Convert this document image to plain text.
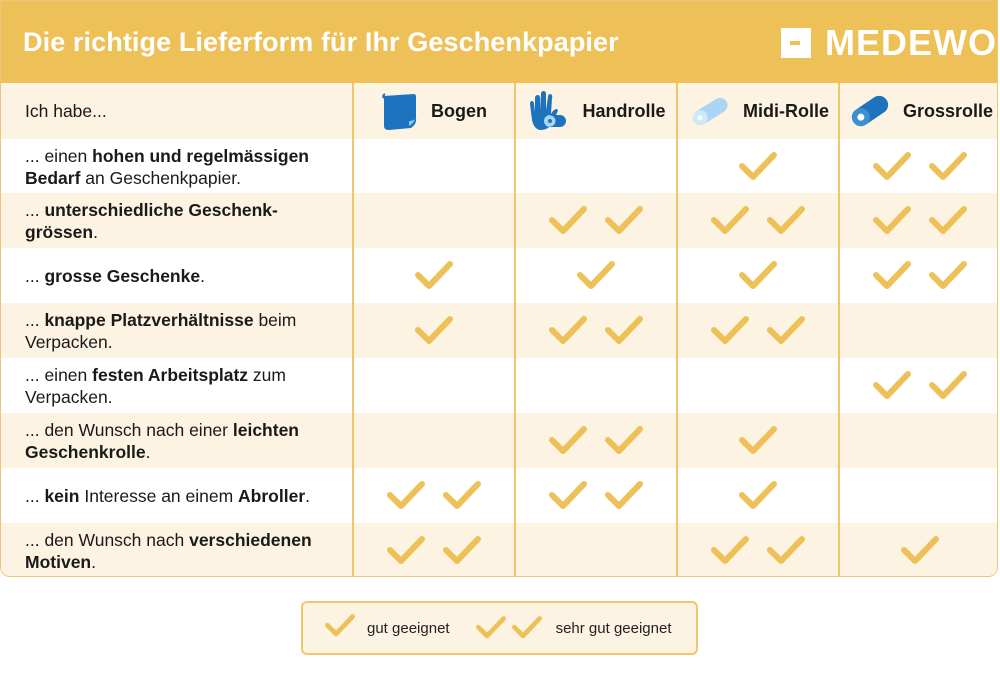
Die richtige Lieferform für Ihr Geschenkpapier	MEDEWO
Ich habe...	Bogen	Handrolle	Midi-Rolle	Grossrolle
... einen hohen und regelmässigen Bedarf an Geschenkpapier.
... unterschiedliche Geschenk- grössen.
... grosse Geschenke.
... knappe Platzverhältnisse beim Verpacken.
... einen festen Arbeitsplatz zum Verpacken.
... den Wunsch nach einer leichten Geschenkrolle.
... kein Interesse an einem Abroller.
... den Wunsch nach verschiedenen Motiven.
gut geeignet	sehr gut geeignet
